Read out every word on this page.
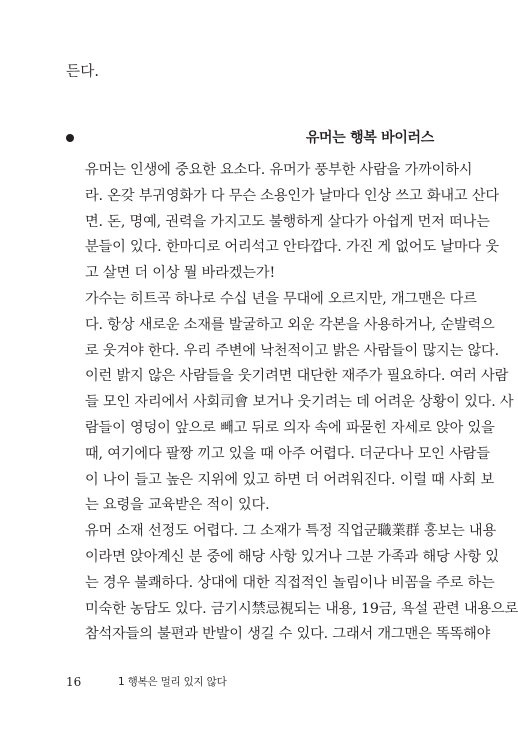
든다.
유머는 행복 바이러스

유머는 인생에 중요한 요소다. 유머가 풍부한 사람을 가까이하시
라. 온갖 부귀영화가 다 무슨 소용인가 날마다 인상 쓰고 화내고 산다
면. 돈, 명예, 권력을 가지고도 불행하게 살다가 아쉽게 먼저 떠나는
분들이 있다. 한마디로 어리석고 안타깝다. 가진 게 없어도 날마다 웃
고 살면 더 이상 뭘 바라겠는가!

가수는 히트곡 하나로 수십 년을 무대에 오르지만, 개그맨은 다르
다. 항상 새로운 소재를 발굴하고 외운 각본을 사용하거나, 순발력으
로 웃겨야 한다. 우리 주변에 낙천적이고 밝은 사람들이 많지는 않다.
이런 밝지 않은 사람들을 웃기려면 대단한 재주가 필요하다. 여러 사람
들 모인 자리에서 사회司會 보거나 웃기려는 데 어려운 상황이 있다. 사
람들이 영덩이 앞으로 빼고 뒤로 의자 속에 파묻힌 자세로 앉아 있을
때, 여기에다 팔짱 끼고 있을 때 아주 어렵다. 더군다나 모인 사람들
이 나이 들고 높은 지위에 있고 하면 더 어려워진다. 이럴 때 사회 보
는 요령을 교육받은 적이 있다.

유머 소재 선정도 어렵다. 그 소재가 특정 직업군職業群 홍보는 내용
이라면 앉아계신 분 중에 해당 사항 있거나 그분 가족과 해당 사항 있
는 경우 불쾌하다. 상대에 대한 직접적인 놀림이나 비꼼을 주로 하는
미숙한 농담도 있다. 금기시禁忌視되는 내용, 19금, 욕설 관련 내용으로
참석자들의 불편과 반발이 생길 수 있다. 그래서 개그맨은 똑똑해야

16	1 행복은 멀리 있지 않다
